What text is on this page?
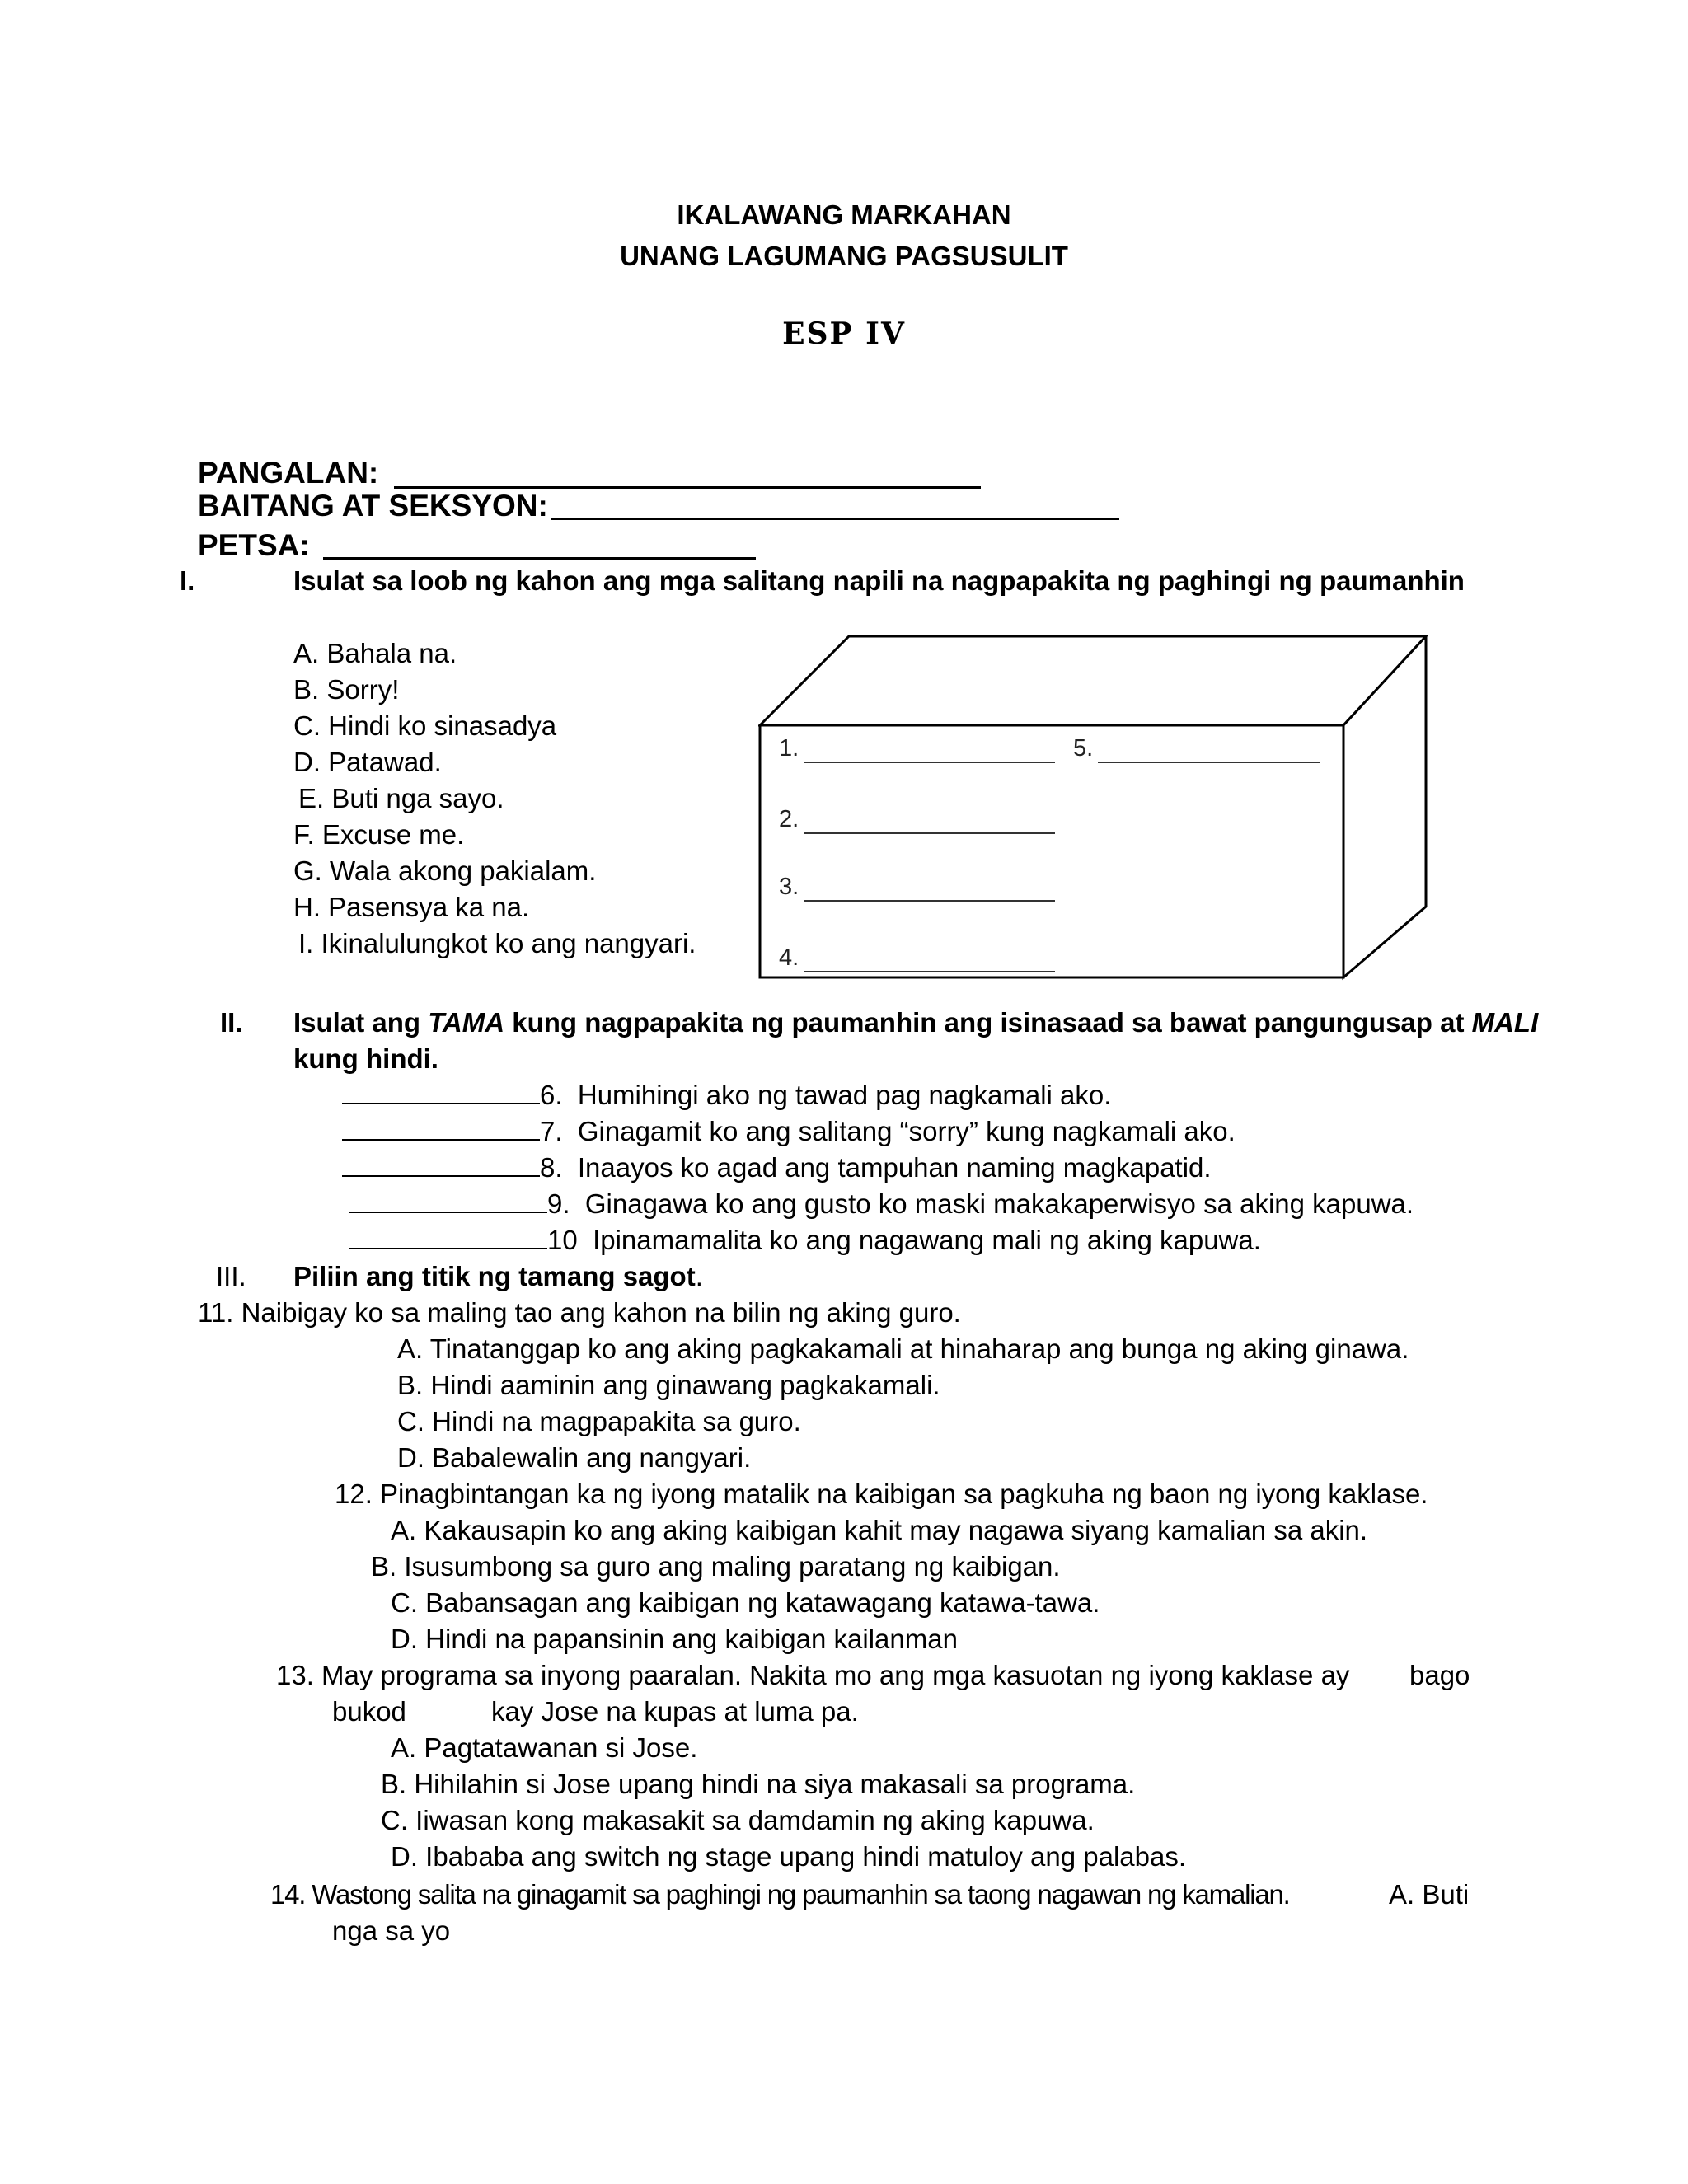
IKALAWANG MARKAHAN
UNANG LAGUMANG PAGSUSULIT
ESP IV
PANGALAN:
BAITANG AT SEKSYON:
PETSA:
I.	Isulat sa loob ng kahon ang mga salitang napili na nagpapakita ng paghingi ng paumanhin
A. Bahala na.
B. Sorry!
C. Hindi ko sinasadya
D. Patawad.
E. Buti nga sayo.
F. Excuse me.
G. Wala akong pakialam.
H. Pasensya ka na.
I. Ikinalulungkot ko ang nangyari.
1.	5.
2.
3.
4.
II. Isulat ang TAMA kung nagpapakita ng paumanhin ang isinasaad sa bawat pangungusap at MALI
kung hindi.
6. Humihingi ako ng tawad pag nagkamali ako.
7. Ginagamit ko ang salitang “sorry” kung nagkamali ako.
8. Inaayos ko agad ang tampuhan naming magkapatid.
9. Ginagawa ko ang gusto ko maski makakaperwisyo sa aking kapuwa.
10 Ipinamamalita ko ang nagawang mali ng aking kapuwa.
III. Piliin ang titik ng tamang sagot.
11. Naibigay ko sa maling tao ang kahon na bilin ng aking guro.
A. Tinatanggap ko ang aking pagkakamali at hinaharap ang bunga ng aking ginawa.
B. Hindi aaminin ang ginawang pagkakamali.
C. Hindi na magpapakita sa guro.
D. Babalewalin ang nangyari.
12. Pinagbintangan ka ng iyong matalik na kaibigan sa pagkuha ng baon ng iyong kaklase.
A. Kakausapin ko ang aking kaibigan kahit may nagawa siyang kamalian sa akin.
B. Isusumbong sa guro ang maling paratang ng kaibigan.
C. Babansagan ang kaibigan ng katawagang katawa-tawa.
D. Hindi na papansinin ang kaibigan kailanman
13. May programa sa inyong paaralan. Nakita mo ang mga kasuotan ng iyong kaklase ay bago
bukod	kay Jose na kupas at luma pa.
A. Pagtatawanan si Jose.
B. Hihilahin si Jose upang hindi na siya makasali sa programa.
C. Iiwasan kong makasakit sa damdamin ng aking kapuwa.
D. Ibababa ang switch ng stage upang hindi matuloy ang palabas.
14. Wastong salita na ginagamit sa paghingi ng paumanhin sa taong nagawan ng kamalian.	A. Buti
nga sa yo
